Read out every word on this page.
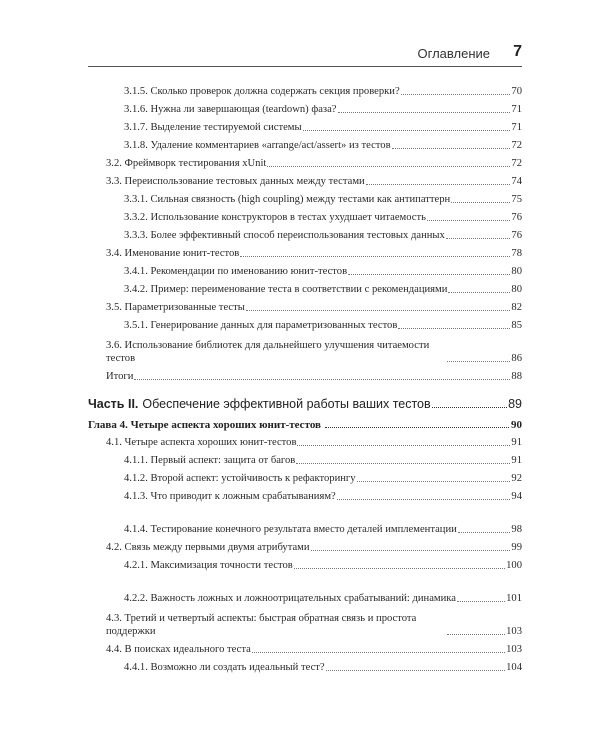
Оглавление 7
3.1.5. Сколько проверок должна содержать секция проверки?	70
3.1.6. Нужна ли завершающая (teardown) фаза?	71
3.1.7. Выделение тестируемой системы	71
3.1.8. Удаление комментариев «arrange/act/assert» из тестов	72
3.2. Фреймворк тестирования xUnit	72
3.3. Переиспользование тестовых данных между тестами	74
3.3.1. Сильная связность (high coupling) между тестами как антипаттерн	75
3.3.2. Использование конструкторов в тестах ухудшает читаемость	76
3.3.3. Более эффективный способ переиспользования тестовых данных	76
3.4. Именование юнит-тестов	78
3.4.1. Рекомендации по именованию юнит-тестов	80
3.4.2. Пример: переименование теста в соответствии с рекомендациями	80
3.5. Параметризованные тесты	82
3.5.1. Генерирование данных для параметризованных тестов	85
3.6. Использование библиотек для дальнейшего улучшения читаемости тестов	86
Итоги	88
Часть II. Обеспечение эффективной работы ваших тестов	89
Глава 4. Четыре аспекта хороших юнит-тестов	90
4.1. Четыре аспекта хороших юнит-тестов	91
4.1.1. Первый аспект: защита от багов	91
4.1.2. Второй аспект: устойчивость к рефакторингу	92
4.1.3. Что приводит к ложным срабатываниям?	94
4.1.4. Тестирование конечного результата вместо деталей имплементации	98
4.2. Связь между первыми двумя атрибутами	99
4.2.1. Максимизация точности тестов	100
4.2.2. Важность ложных и ложноотрицательных срабатываний: динамика	101
4.3. Третий и четвертый аспекты: быстрая обратная связь и простота поддержки	103
4.4. В поисках идеального теста	103
4.4.1. Возможно ли создать идеальный тест?	104
